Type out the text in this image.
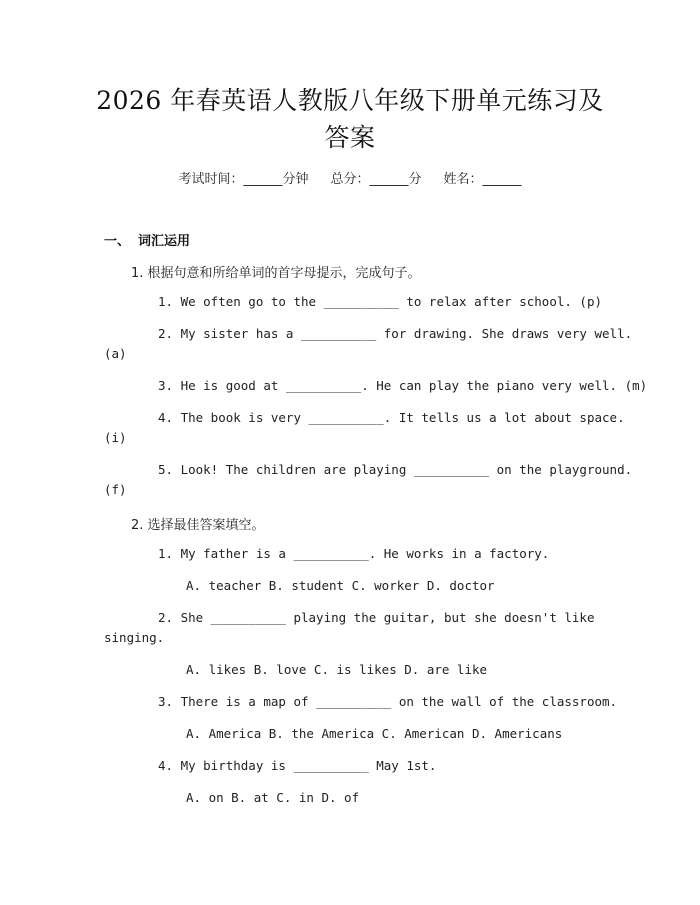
2026 年春英语人教版八年级下册单元练习及
答案
考试时间：______分钟 总分：______分 姓名：______
一、 词汇运用
1. 根据句意和所给单词的首字母提示，完成句子。
1. We often go to the __________ to relax after school. (p)
2. My sister has a __________ for drawing. She draws very well.
(a)
3. He is good at __________. He can play the piano very well. (m)
4. The book is very __________. It tells us a lot about space.
(i)
5. Look! The children are playing __________ on the playground.
(f)
2. 选择最佳答案填空。
1. My father is a __________. He works in a factory.
A. teacher B. student C. worker D. doctor
2. She __________ playing the guitar, but she doesn't like
singing.
A. likes B. love C. is likes D. are like
3. There is a map of __________ on the wall of the classroom.
A. America B. the America C. American D. Americans
4. My birthday is __________ May 1st.
A. on B. at C. in D. of
